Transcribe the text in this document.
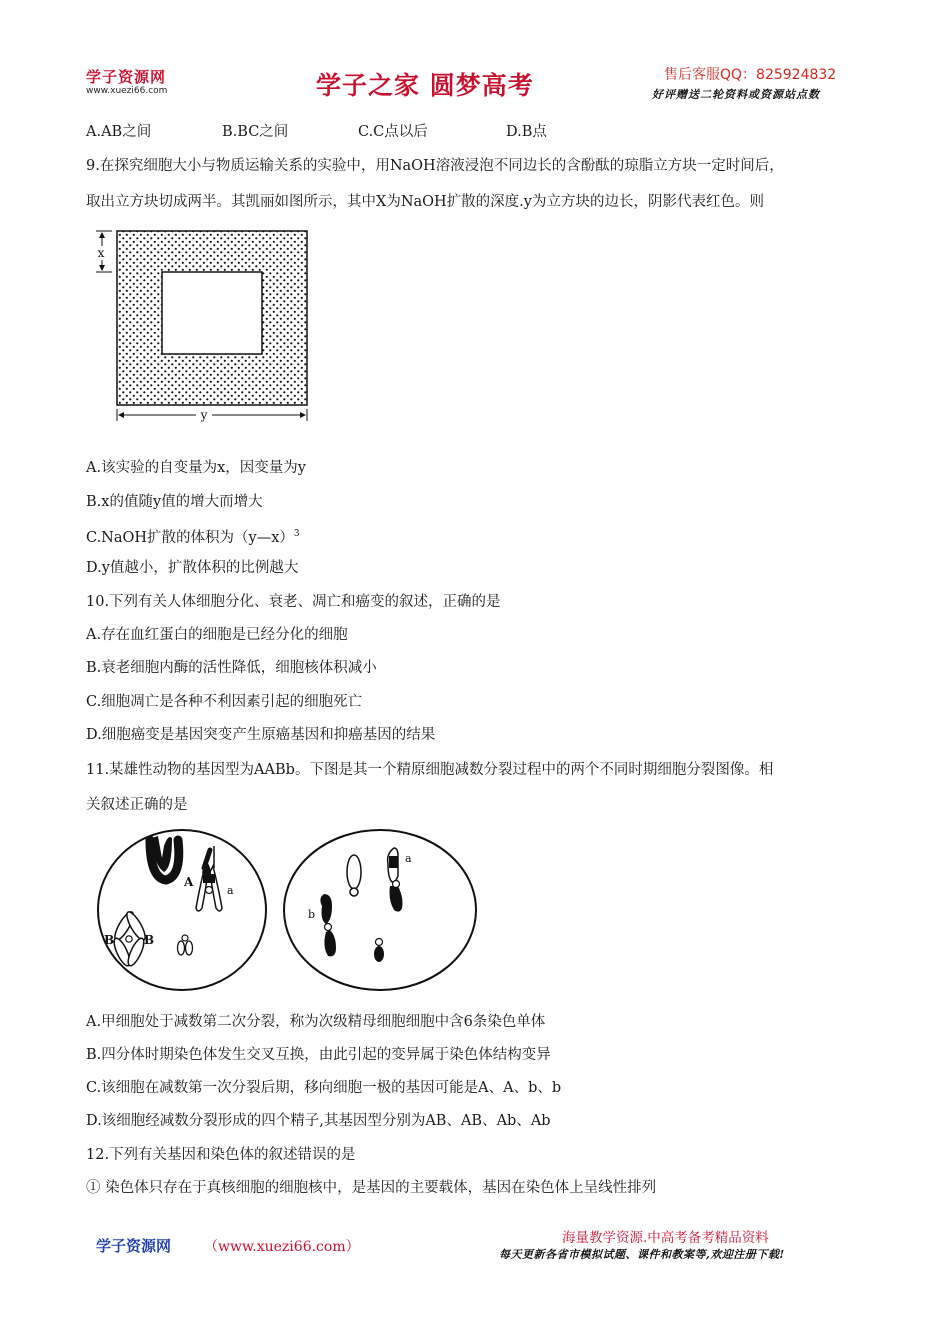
学子资源网
www.xuezi66.com	学子之家 圆梦高考	售后客服QQ：825924832
好评赠送二轮资料或资源站点数
A.AB之间	B.BC之间	C.C点以后	D.B点
9.在探究细胞大小与物质运输关系的实验中，用NaOH溶液浸泡不同边长的含酚酞的琼脂立方块一定时间后，
取出立方块切成两半。其凯丽如图所示，其中X为NaOH扩散的深度.y为立方块的边长，阴影代表红色。则
x
y
A.该实验的自变量为x，因变量为y
B.x的值随y值的增大而增大
C.NaOH扩散的体积为（y—x）$^3$
D.y值越小，扩散体积的比例越大
10.下列有关人体细胞分化、衰老、凋亡和癌变的叙述，正确的是
A.存在血红蛋白的细胞是已经分化的细胞
B.衰老细胞内酶的活性降低，细胞核体积减小
C.细胞凋亡是各种不利因素引起的细胞死亡
D.细胞癌变是基因突变产生原癌基因和抑癌基因的结果
11.某雄性动物的基因型为AABb。下图是其一个精原细胞减数分裂过程中的两个不同时期细胞分裂图像。相
关叙述正确的是
A
a
B B
a
b
A.甲细胞处于减数第二次分裂，称为次级精母细胞细胞中含6条染色单体
B.四分体时期染色体发生交叉互换，由此引起的变异属于染色体结构变异
C.该细胞在减数第一次分裂后期，移向细胞一极的基因可能是A、A、b、b
D.该细胞经减数分裂形成的四个精子,其基因型分别为AB、AB、Ab、Ab
12.下列有关基因和染色体的叙述错误的是
① 染色体只存在于真核细胞的细胞核中，是基因的主要载体，基因在染色体上呈线性排列
学子资源网 （www.xuezi66.com）
海量教学资源.中高考备考精品资料
每天更新各省市模拟试题、课件和教案等,欢迎注册下载!
